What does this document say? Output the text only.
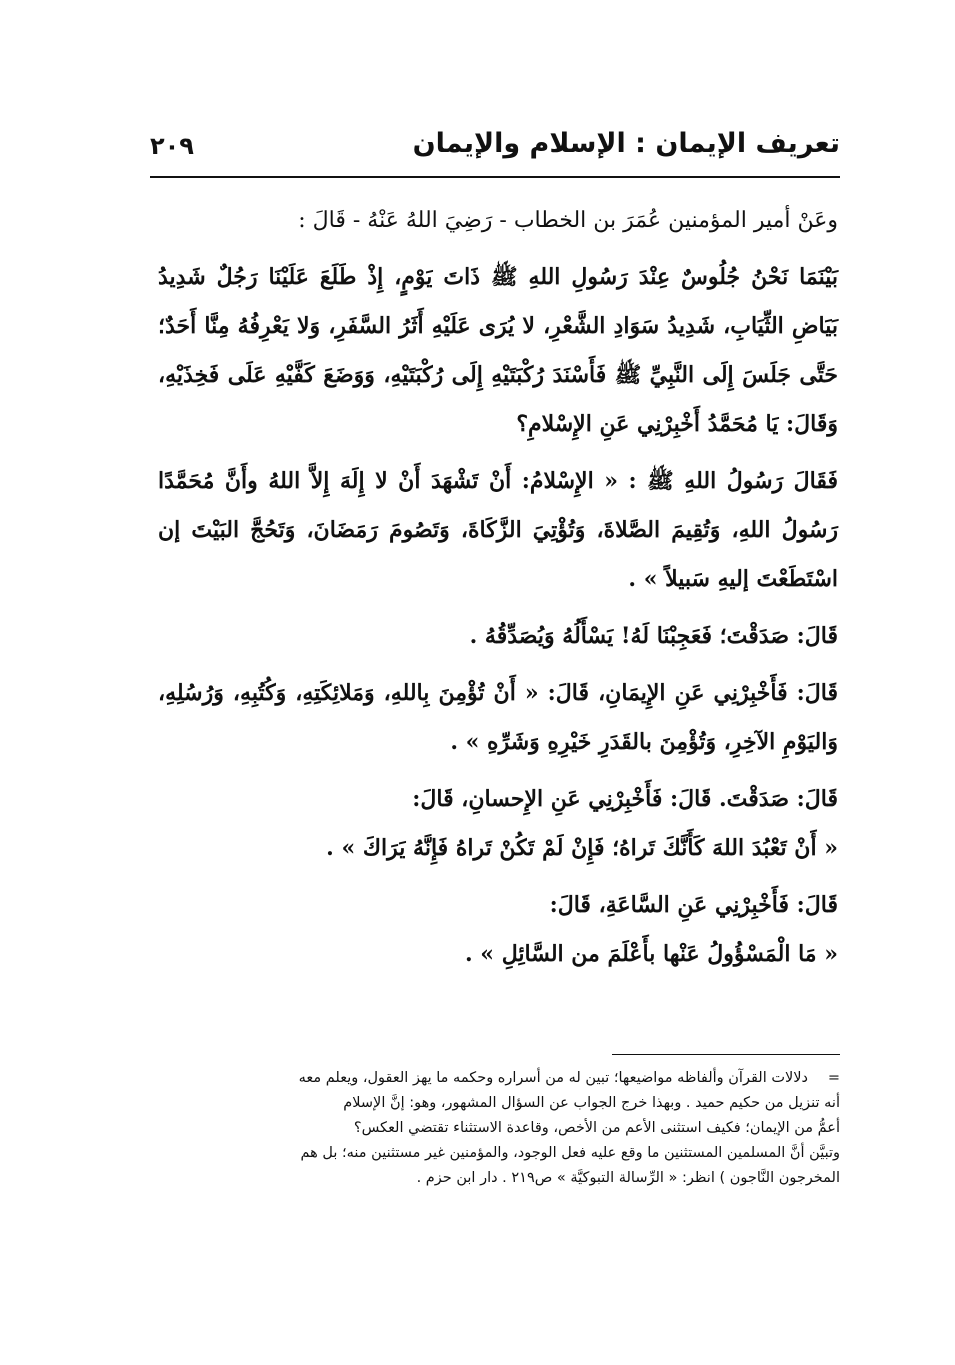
تعريف الإيمان : الإسلام والإيمان
٢٠٩

وعَنْ أمير المؤمنين عُمَرَ بن الخطاب - رَضِيَ اللهُ عَنْهُ - قَالَ :

بَيْنَمَا نَحْنُ جُلُوسٌ عِنْدَ رَسُولِ اللهِ ﷺ ذَاتَ يَوْمٍ، إِذْ طَلَعَ عَلَيْنَا رَجُلٌ شَدِيدُ بَيَاضِ الثِّيَابِ، شَدِيدُ سَوَادِ الشَّعْرِ، لا يُرَى عَلَيْهِ أَثَرُ السَّفَرِ، وَلا يَعْرِفُهُ مِنَّا أَحَدٌ؛ حَتَّى جَلَسَ إِلَى النَّبِيِّ ﷺ فَأَسْنَدَ رُكْبَتَيْهِ إِلَى رُكْبَتَيْهِ، وَوَضَعَ كَفَّيْهِ عَلَى فَخِذَيْهِ، وَقَالَ: يَا مُحَمَّدُ أَخْبِرْنِي عَنِ الإِسْلامِ؟

فَقَالَ رَسُولُ اللهِ ﷺ : « الإِسْلامُ: أَنْ تَشْهَدَ أَنْ لا إِلَهَ إِلاَّ اللهُ وأَنَّ مُحَمَّدًا رَسُولُ اللهِ، وَتُقِيمَ الصَّلاةَ، وَتُؤْتِيَ الزَّكَاةَ، وَتَصُومَ رَمَضَانَ، وَتَحُجَّ البَيْتَ إن اسْتَطَعْتَ إليهِ سَبيلاً » .

قَالَ: صَدَقْتَ؛ فَعَجِبْنَا لَهُ! يَسْأَلُهُ وَيُصَدِّقُهُ .

قَالَ: فَأَخْبِرْنِي عَنِ الإِيمَانِ، قَالَ: « أَنْ تُؤْمِنَ بِاللهِ، وَمَلائِكَتِهِ، وَكُتُبِهِ، وَرُسُلِهِ، وَاليَوْمِ الآخِرِ، وَتُؤْمِنَ بالقَدَرِ خَيْرِهِ وَشَرِّهِ » .

قَالَ: صَدَقْتَ. قَالَ: فَأَخْبِرْنِي عَنِ الإِحسانِ، قَالَ:

« أَنْ تَعْبُدَ اللهَ كَأَنَّكَ تَراهُ؛ فَإِنْ لَمْ تَكُنْ تَراهُ فَإِنَّهُ يَرَاكَ » .

قَالَ: فَأَخْبِرْنِي عَنِ السَّاعَةِ، قَالَ:

« مَا الْمَسْؤُولُ عَنْها بأَعْلَمَ من السَّائِلِ » .

=دلالات القرآن وألفاظه مواضيعها؛ تبين له من أسراره وحكمه ما يهز العقول، ويعلم معه

أنه تنزيل من حكيم حميد . وبهذا خرج الجواب عن السؤال المشهور، وهو: إنَّ الإسلام

أعمُّ من الإيمان؛ فكيف استثنى الأعم من الأخص، وقاعدة الاستثناء تقتضي العكس؟

وتبيَّن أنَّ المسلمين المستثنين ما وقع عليه فعل الوجود، والمؤمنين غير مستثنين منه؛ بل هم

المخرجون النَّاجون ) انظر: « الرِّسالة التبوكيَّة » ص٢١٩ . دار ابن حزم .
